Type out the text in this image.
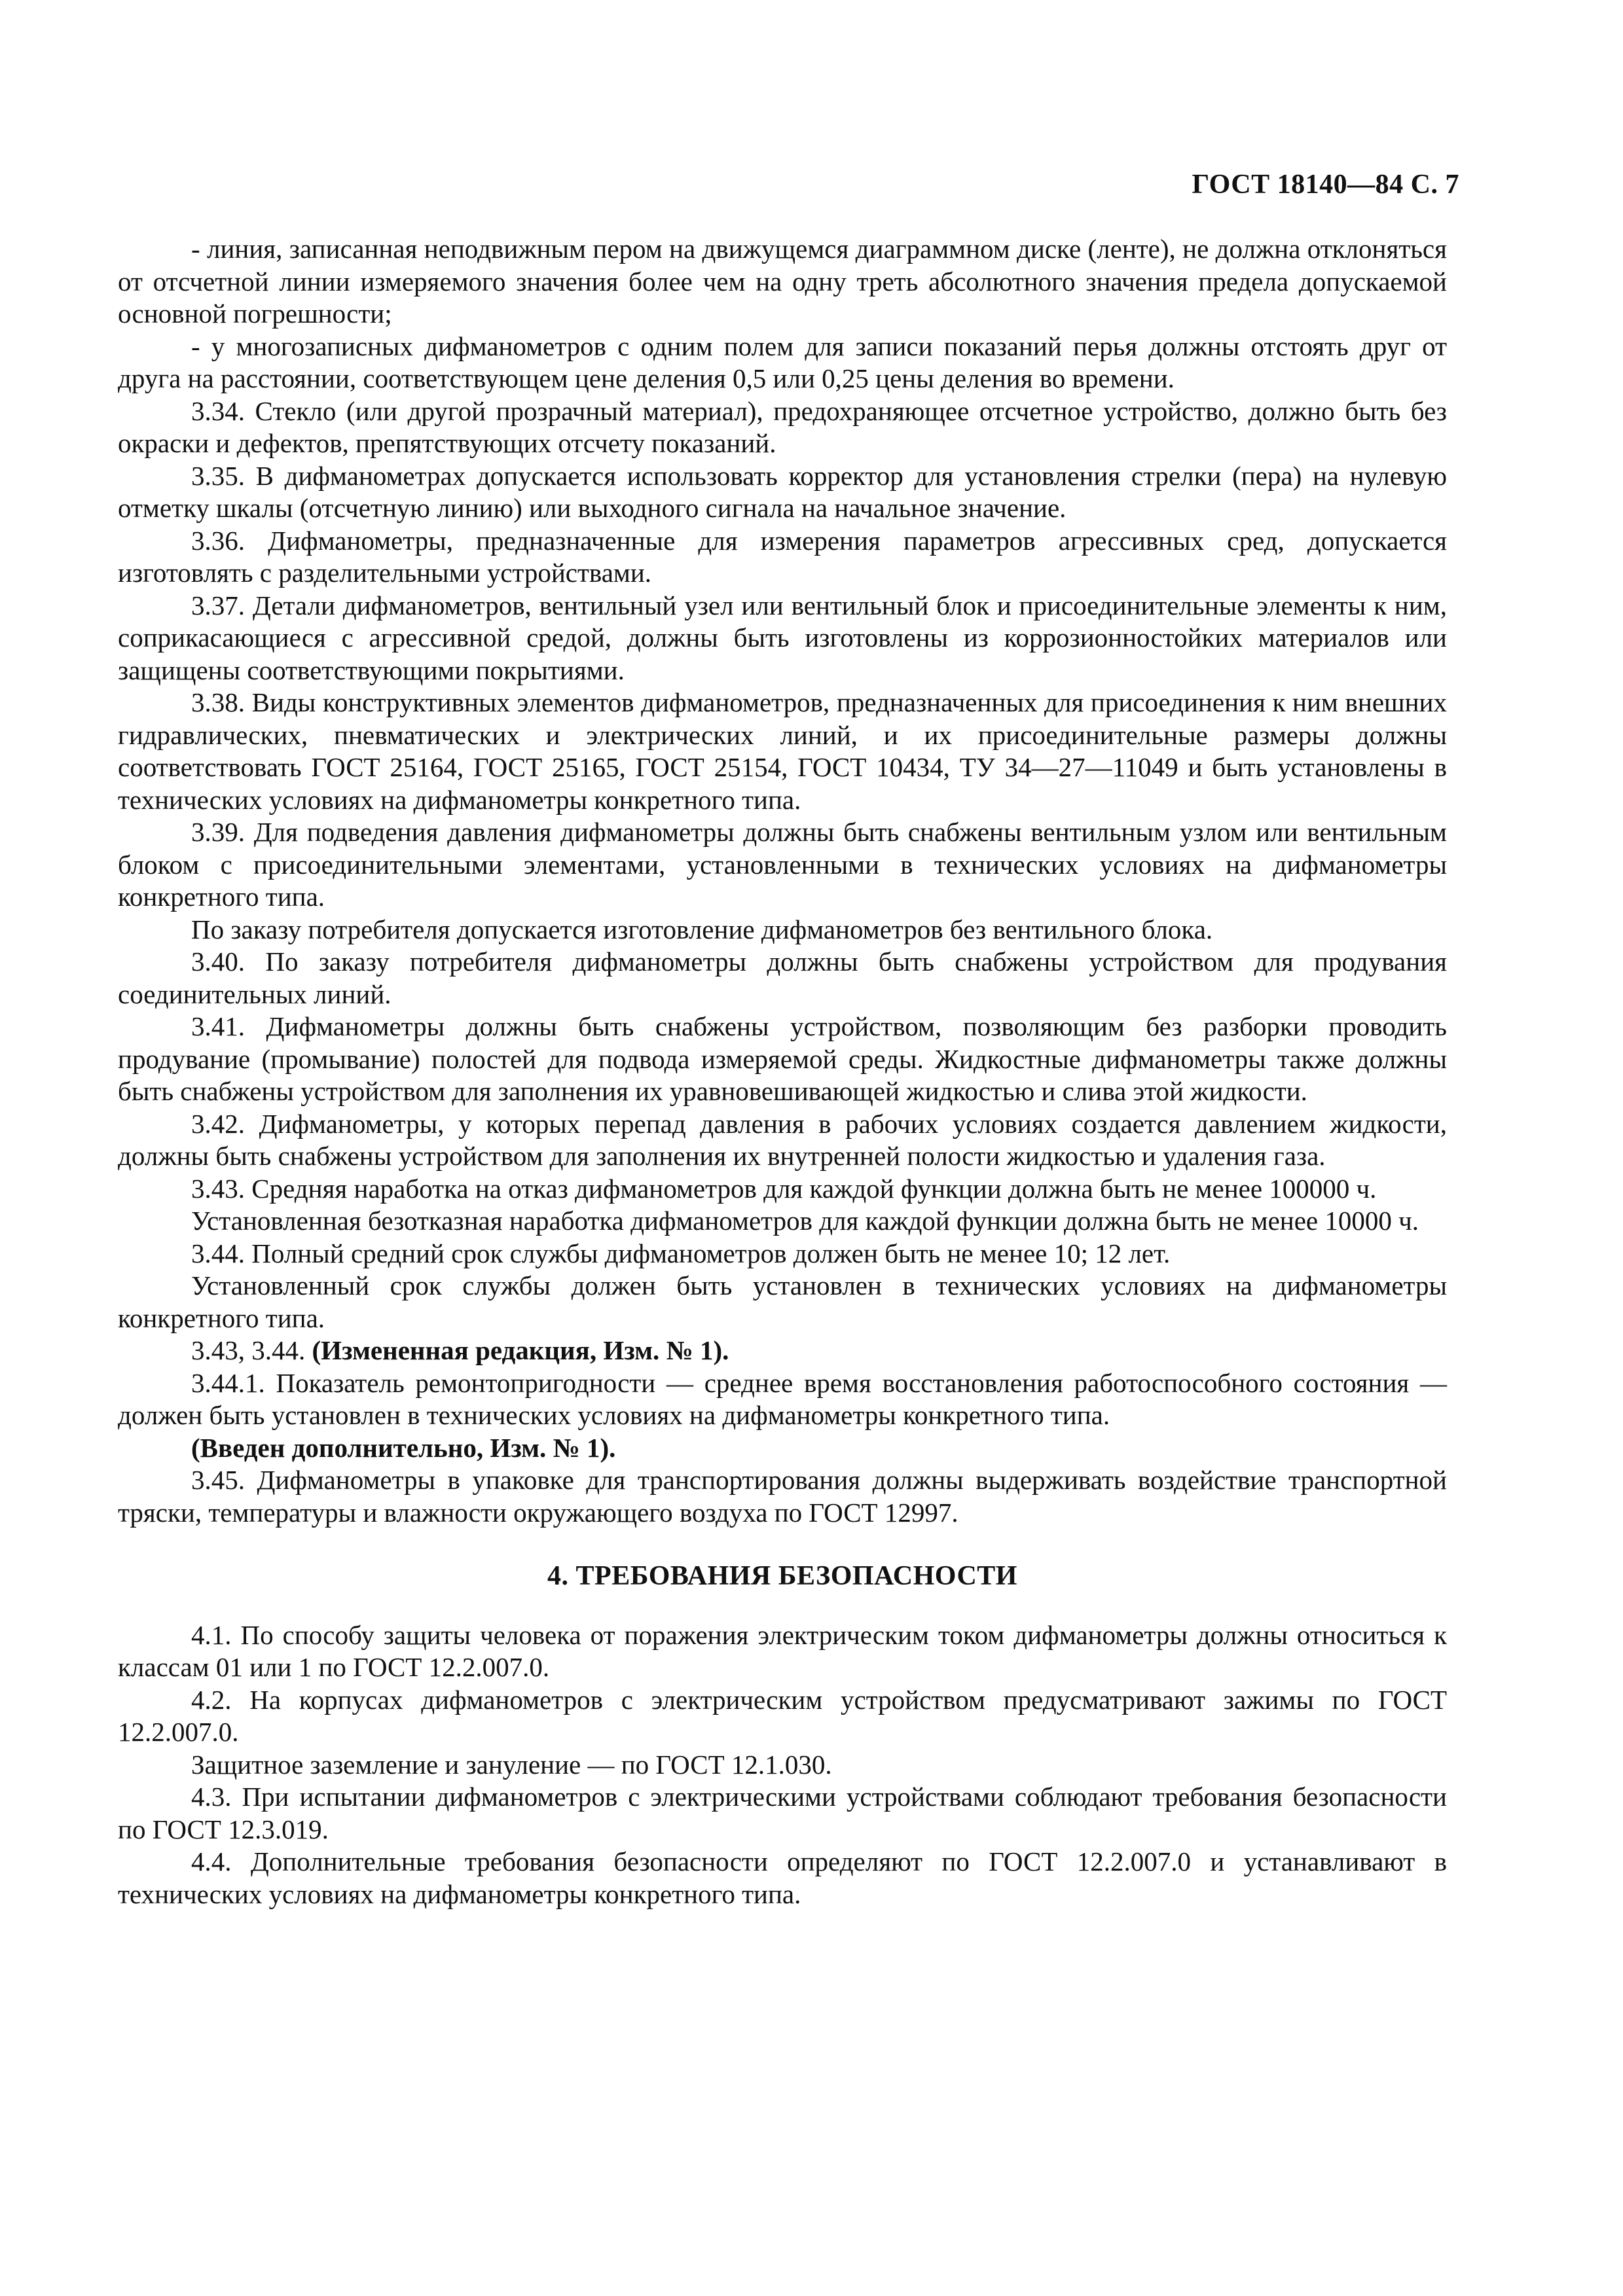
ГОСТ 18140—84 С. 7

- линия, записанная неподвижным пером на движущемся диаграммном диске (ленте), не должна отклоняться от отсчетной линии измеряемого значения более чем на одну треть абсолютного значения предела допускаемой основной погрешности;

- у многозаписных дифманометров с одним полем для записи показаний перья должны отстоять друг от друга на расстоянии, соответствующем цене деления 0,5 или 0,25 цены деления во времени.

3.34. Стекло (или другой прозрачный материал), предохраняющее отсчетное устройство, должно быть без окраски и дефектов, препятствующих отсчету показаний.

3.35. В дифманометрах допускается использовать корректор для установления стрелки (пера) на нулевую отметку шкалы (отсчетную линию) или выходного сигнала на начальное значение.

3.36. Дифманометры, предназначенные для измерения параметров агрессивных сред, допускается изготовлять с разделительными устройствами.

3.37. Детали дифманометров, вентильный узел или вентильный блок и присоединительные элементы к ним, соприкасающиеся с агрессивной средой, должны быть изготовлены из коррозионностойких материалов или защищены соответствующими покрытиями.

3.38. Виды конструктивных элементов дифманометров, предназначенных для присоединения к ним внешних гидравлических, пневматических и электрических линий, и их присоединительные размеры должны соответствовать ГОСТ 25164, ГОСТ 25165, ГОСТ 25154, ГОСТ 10434, ТУ 34—27—11049 и быть установлены в технических условиях на дифманометры конкретного типа.

3.39. Для подведения давления дифманометры должны быть снабжены вентильным узлом или вентильным блоком с присоединительными элементами, установленными в технических условиях на дифманометры конкретного типа.

По заказу потребителя допускается изготовление дифманометров без вентильного блока.

3.40. По заказу потребителя дифманометры должны быть снабжены устройством для продувания соединительных линий.

3.41. Дифманометры должны быть снабжены устройством, позволяющим без разборки проводить продувание (промывание) полостей для подвода измеряемой среды. Жидкостные дифманометры также должны быть снабжены устройством для заполнения их уравновешивающей жидкостью и слива этой жидкости.

3.42. Дифманометры, у которых перепад давления в рабочих условиях создается давлением жидкости, должны быть снабжены устройством для заполнения их внутренней полости жидкостью и удаления газа.

3.43. Средняя наработка на отказ дифманометров для каждой функции должна быть не менее 100000 ч.

Установленная безотказная наработка дифманометров для каждой функции должна быть не менее 10000 ч.

3.44. Полный средний срок службы дифманометров должен быть не менее 10; 12 лет.

Установленный срок службы должен быть установлен в технических условиях на дифманометры конкретного типа.

3.43, 3.44. (Измененная редакция, Изм. № 1).

3.44.1. Показатель ремонтопригодности — среднее время восстановления работоспособного состояния — должен быть установлен в технических условиях на дифманометры конкретного типа.

(Введен дополнительно, Изм. № 1).

3.45. Дифманометры в упаковке для транспортирования должны выдерживать воздействие транспортной тряски, температуры и влажности окружающего воздуха по ГОСТ 12997.

4. ТРЕБОВАНИЯ БЕЗОПАСНОСТИ

4.1. По способу защиты человека от поражения электрическим током дифманометры должны относиться к классам 01 или 1 по ГОСТ 12.2.007.0.

4.2. На корпусах дифманометров с электрическим устройством предусматривают зажимы по ГОСТ 12.2.007.0.

Защитное заземление и зануление — по ГОСТ 12.1.030.

4.3. При испытании дифманометров с электрическими устройствами соблюдают требования безопасности по ГОСТ 12.3.019.

4.4. Дополнительные требования безопасности определяют по ГОСТ 12.2.007.0 и устанавливают в технических условиях на дифманометры конкретного типа.
